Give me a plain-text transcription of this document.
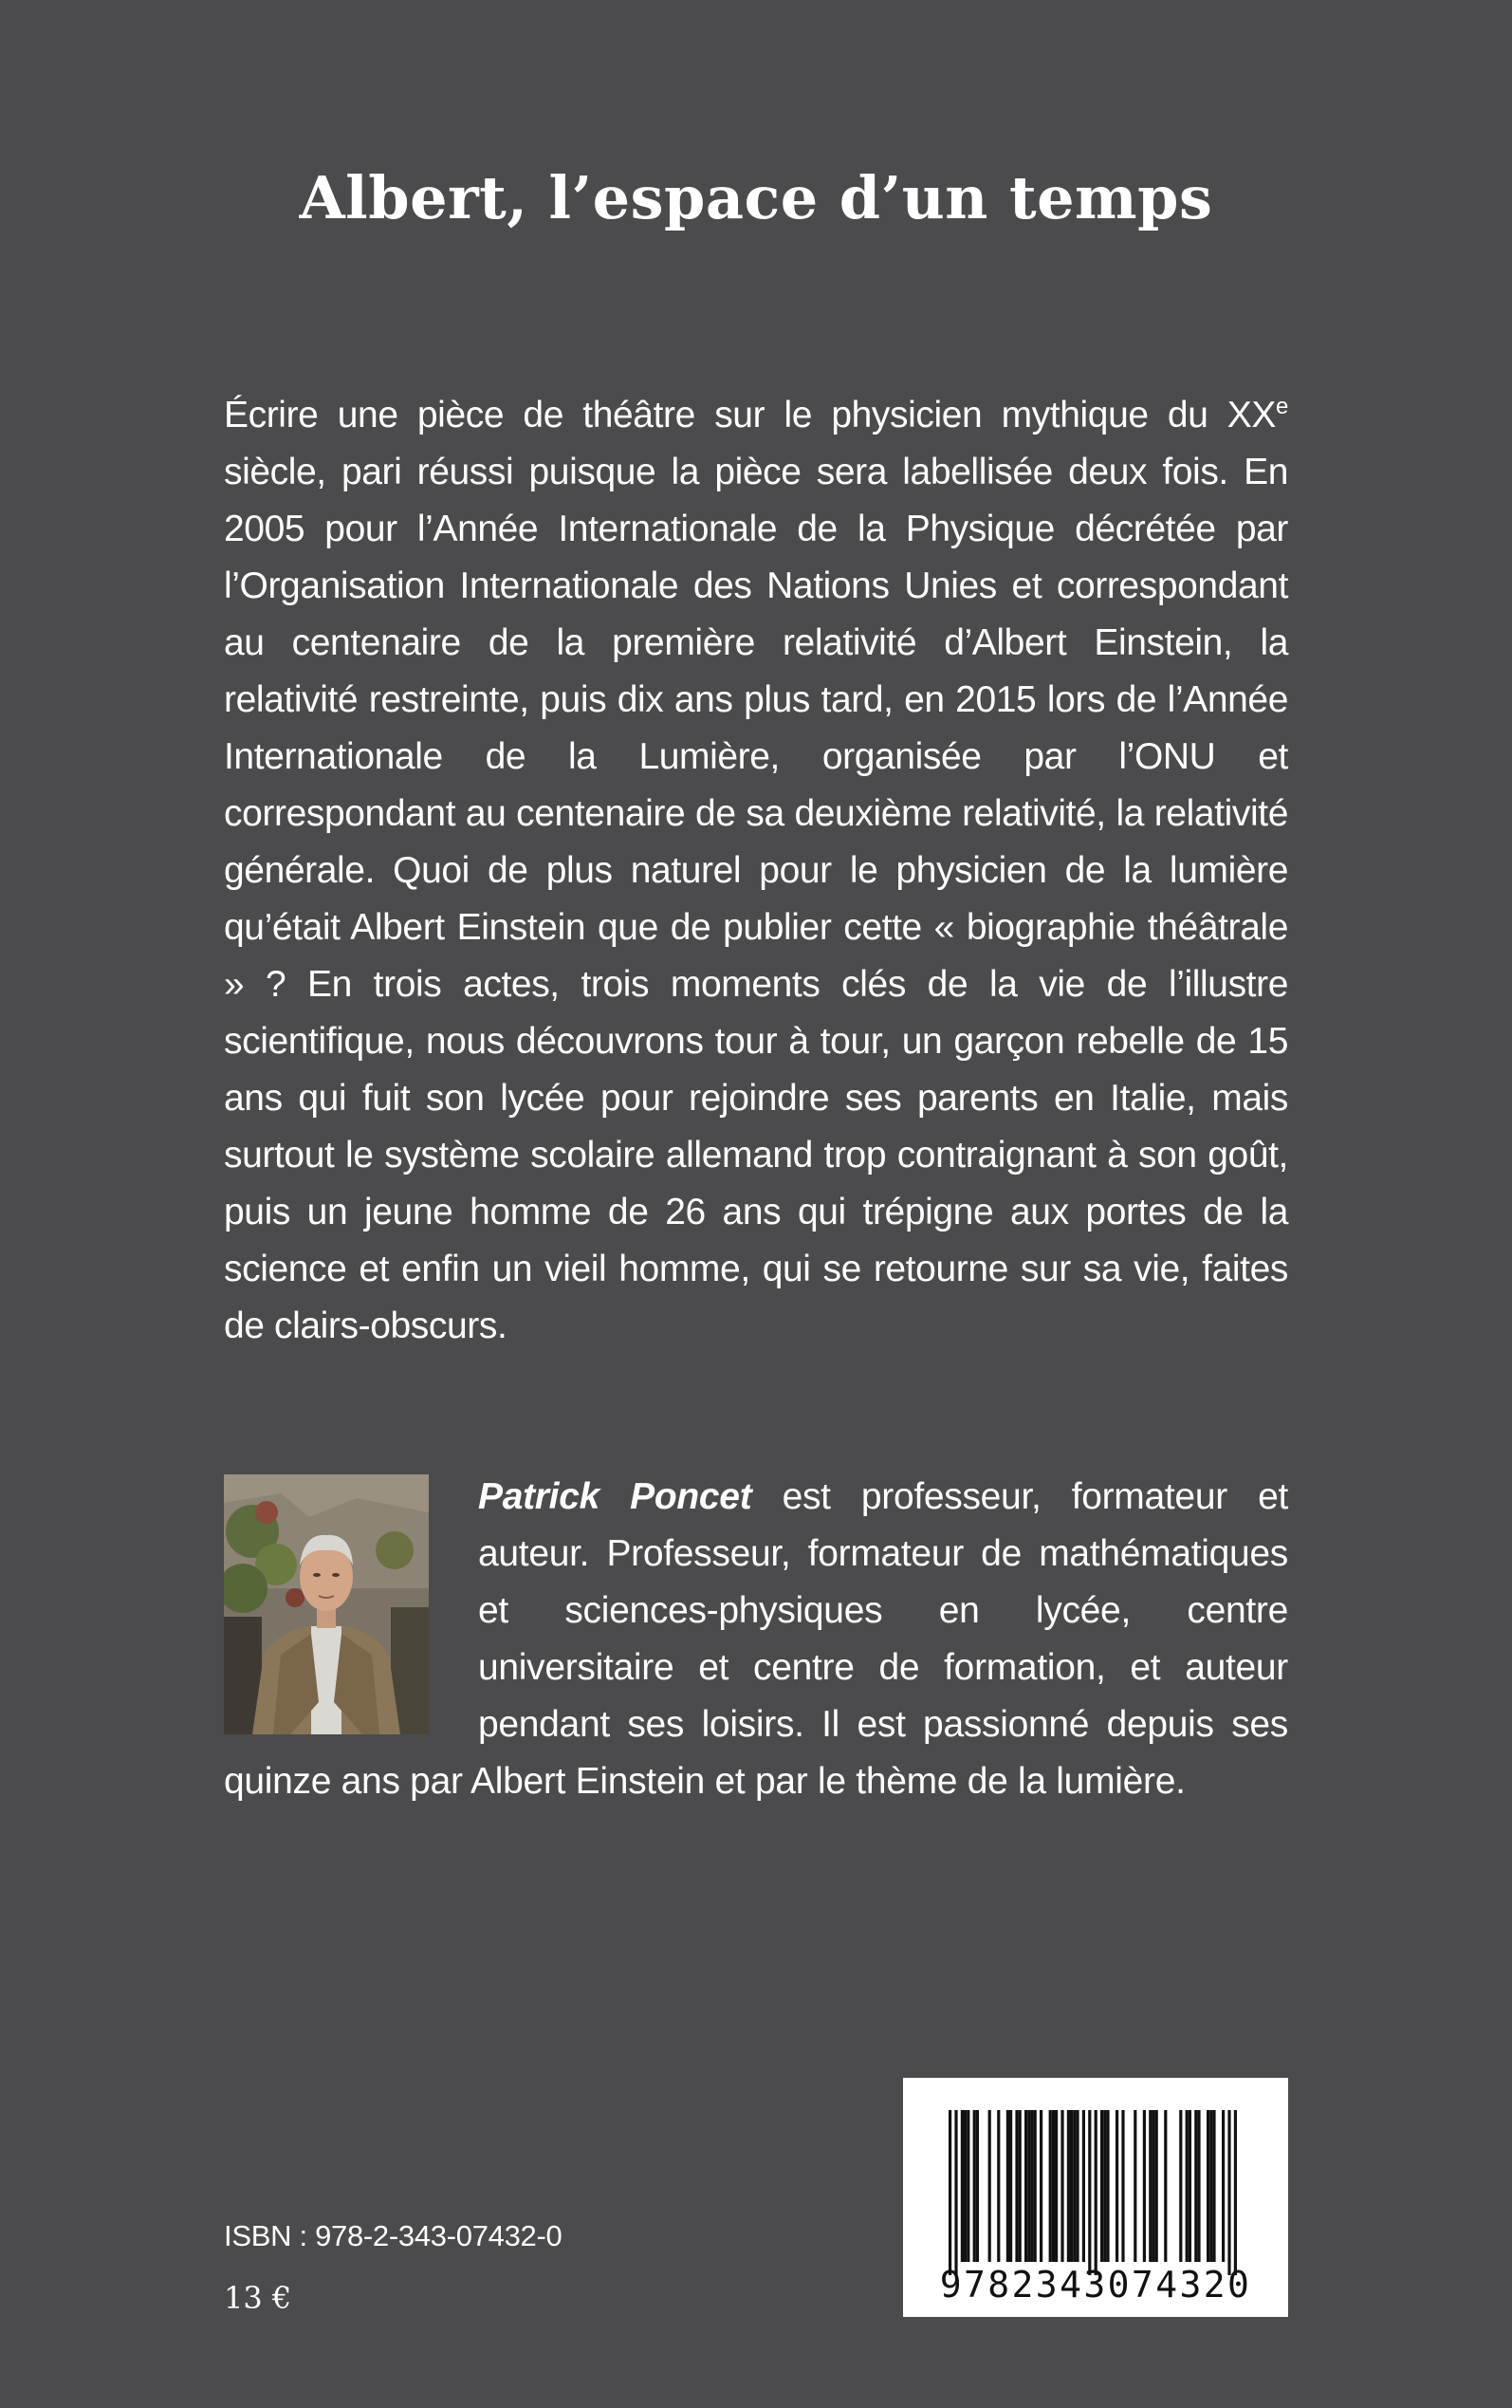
Albert, l’espace d’un temps

Écrire une pièce de théâtre sur le physicien mythique du XXe siècle, pari réussi puisque la pièce sera labellisée deux fois. En 2005 pour l’Année Internationale de la Physique décrétée par l’Organisation Internationale des Nations Unies et correspondant au centenaire de la première relativité d’Albert Einstein, la relativité restreinte, puis dix ans plus tard, en 2015 lors de l’Année Internationale de la Lumière, organisée par l’ONU et correspondant au centenaire de sa deuxième relativité, la relativité générale. Quoi de plus naturel pour le physicien de la lumière qu’était Albert Einstein que de publier cette « biographie théâtrale » ? En trois actes, trois moments clés de la vie de l’illustre scientifique, nous découvrons tour à tour, un garçon rebelle de 15 ans qui fuit son lycée pour rejoindre ses parents en Italie, mais surtout le système scolaire allemand trop contraignant à son goût, puis un jeune homme de 26 ans qui trépigne aux portes de la science et enfin un vieil homme, qui se retourne sur sa vie, faites de clairs-obscurs.

Patrick Poncet est professeur, formateur et auteur. Professeur, formateur de mathématiques et sciences-physiques en lycée, centre universitaire et centre de formation, et auteur pendant ses loisirs. Il est passionné depuis ses quinze ans par Albert Einstein et par le thème de la lumière.
ISBN : 978-2-343-07432-0
13 €	9782343074320
